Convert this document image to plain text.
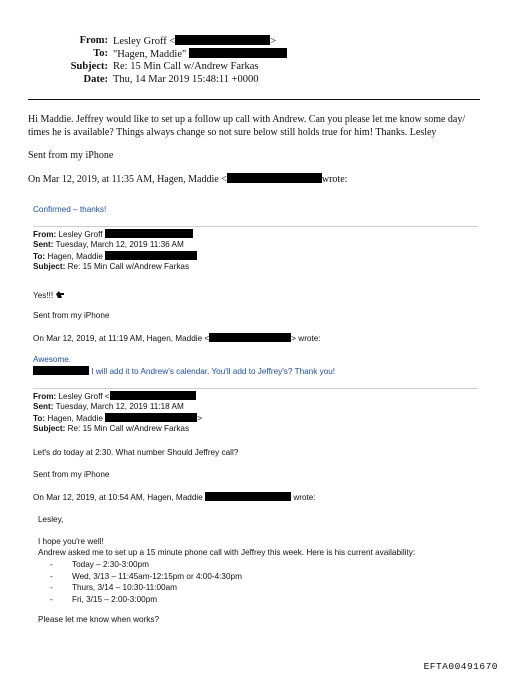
From: Lesley Groff <	>
To: "Hagen, Maddie"
Subject: Re: 15 Min Call w/Andrew Farkas
Date: Thu, 14 Mar 2019 15:48:11 +0000
Hi Maddie. Jeffrey would like to set up a follow up call with Andrew. Can you please let me know some day/
times he is available? Things always change so not sure below still holds true for him! Thanks. Lesley
Sent from my iPhone
On Mar 12, 2019, at 11:35 AM, Hagen, Maddie <	wrote:
Confirmed – thanks!
From: Lesley Groff
Sent: Tuesday, March 12, 2019 11:36 AM
To: Hagen, Maddie
Subject: Re: 15 Min Call w/Andrew Farkas
Yes!!!
Sent from my iPhone
On Mar 12, 2019, at 11:19 AM, Hagen, Maddie <	> wrote:
Awesome.
I will add it to Andrew's calendar. You'll add to Jeffrey's? Thank you!
From: Lesley Groff <
Sent: Tuesday, March 12, 2019 11:18 AM
To: Hagen, Maddie	>
Subject: Re: 15 Min Call w/Andrew Farkas
Let's do today at 2:30. What number Should Jeffrey call?
Sent from my iPhone
On Mar 12, 2019, at 10:54 AM, Hagen, Maddie	wrote:
Lesley,
I hope you're well!
Andrew asked me to set up a 15 minute phone call with Jeffrey this week. Here is his current availability:
- Today – 2:30-3:00pm
- Wed, 3/13 – 11:45am-12:15pm or 4:00-4:30pm
- Thurs, 3/14 – 10:30-11:00am
- Fri, 3/15 – 2:00-3:00pm
Please let me know when works?
EFTA00491670
